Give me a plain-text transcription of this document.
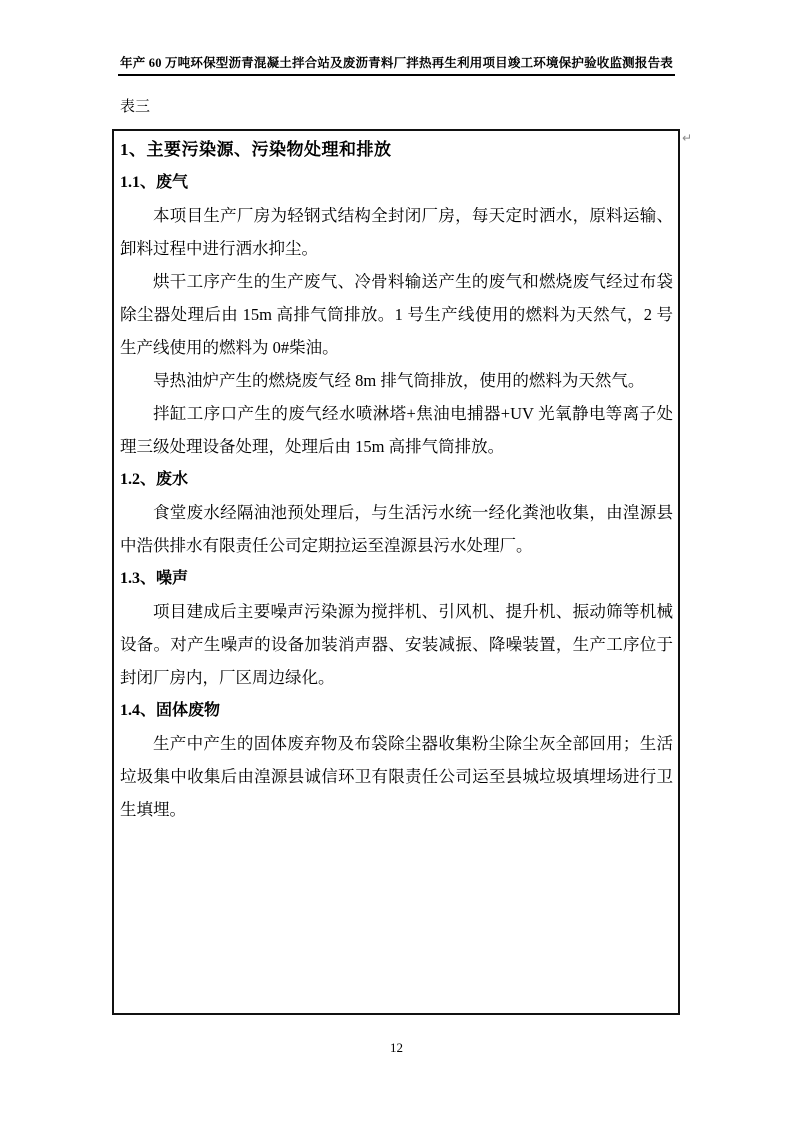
年产 60 万吨环保型沥青混凝土拌合站及废沥青料厂拌热再生利用项目竣工环境保护验收监测报告表
表三
↵
1、主要污染源、污染物处理和排放
1.1、废气

本项目生产厂房为轻钢式结构全封闭厂房，每天定时洒水，原料运输、卸料过程中进行洒水抑尘。

烘干工序产生的生产废气、冷骨料输送产生的废气和燃烧废气经过布袋除尘器处理后由 15m 高排气筒排放。1 号生产线使用的燃料为天然气，2 号生产线使用的燃料为 0#柴油。

导热油炉产生的燃烧废气经 8m 排气筒排放，使用的燃料为天然气。

拌缸工序口产生的废气经水喷淋塔+焦油电捕器+UV 光氧静电等离子处理三级处理设备处理，处理后由 15m 高排气筒排放。

1.2、废水

食堂废水经隔油池预处理后，与生活污水统一经化粪池收集，由湟源县中浩供排水有限责任公司定期拉运至湟源县污水处理厂。

1.3、噪声

项目建成后主要噪声污染源为搅拌机、引风机、提升机、振动筛等机械设备。对产生噪声的设备加装消声器、安装减振、降噪装置，生产工序位于封闭厂房内，厂区周边绿化。

1.4、固体废物

生产中产生的固体废弃物及布袋除尘器收集粉尘除尘灰全部回用；生活垃圾集中收集后由湟源县诚信环卫有限责任公司运至县城垃圾填埋场进行卫生填埋。

12
